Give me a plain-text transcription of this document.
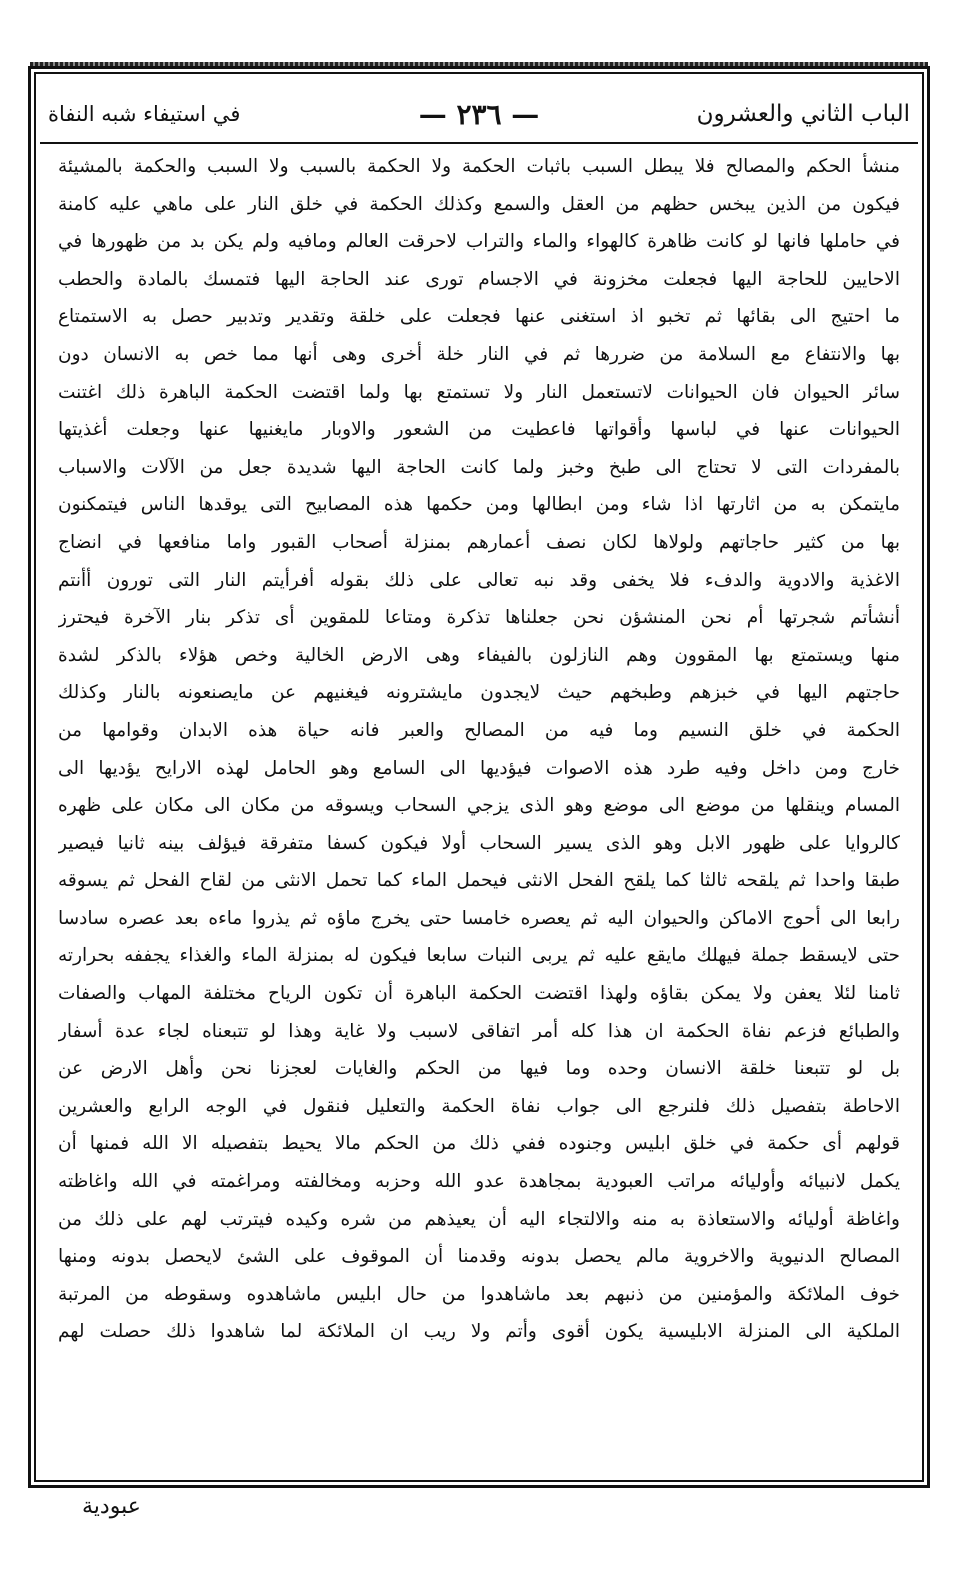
الباب الثاني والعشرون
— ٢٣٦ —
في استيفاء شبه النفاة
منشأ الحكم والمصالح فلا يبطل السبب باثبات الحكمة ولا الحكمة بالسبب ولا السبب والحكمة بالمشيئة
فيكون من الذين يبخس حظهم من العقل والسمع وكذلك الحكمة في خلق النار على ماهي عليه كامنة
في حاملها فانها لو كانت ظاهرة كالهواء والماء والتراب لاحرقت العالم ومافيه ولم يكن بد من ظهورها في
الاحايين للحاجة اليها فجعلت مخزونة في الاجسام تورى عند الحاجة اليها فتمسك بالمادة والحطب
ما احتيج الى بقائها ثم تخبو اذ استغنى عنها فجعلت على خلقة وتقدير وتدبير حصل به الاستمتاع
بها والانتفاع مع السلامة من ضررها ثم في النار خلة أخرى وهى أنها مما خص به الانسان دون
سائر الحيوان فان الحيوانات لاتستعمل النار ولا تستمتع بها ولما اقتضت الحكمة الباهرة ذلك اغتنت
الحيوانات عنها في لباسها وأقواتها فاعطيت من الشعور والاوبار مايغنيها عنها وجعلت أغذيتها
بالمفردات التى لا تحتاج الى طبخ وخبز ولما كانت الحاجة اليها شديدة جعل من الآلات والاسباب
مايتمكن به من اثارتها اذا شاء ومن ابطالها ومن حكمها هذه المصابيح التى يوقدها الناس فيتمكنون
بها من كثير حاجاتهم ولولاها لكان نصف أعمارهم بمنزلة أصحاب القبور واما منافعها في انضاج
الاغذية والادوية والدفء فلا يخفى وقد نبه تعالى على ذلك بقوله أفرأيتم النار التى تورون أأنتم
أنشأتم شجرتها أم نحن المنشؤن نحن جعلناها تذكرة ومتاعا للمقوين أى تذكر بنار الآخرة فيحترز
منها ويستمتع بها المقوون وهم النازلون بالفيفاء وهى الارض الخالية وخص هؤلاء بالذكر لشدة
حاجتهم اليها في خبزهم وطبخهم حيث لايجدون مايشترونه فيغنيهم عن مايصنعونه بالنار وكذلك
الحكمة في خلق النسيم وما فيه من المصالح والعبر فانه حياة هذه الابدان وقوامها من
خارج ومن داخل وفيه طرد هذه الاصوات فيؤديها الى السامع وهو الحامل لهذه الارايح يؤديها الى
المسام وينقلها من موضع الى موضع وهو الذى يزجي السحاب ويسوقه من مكان الى مكان على ظهره
كالروايا على ظهور الابل وهو الذى يسير السحاب أولا فيكون كسفا متفرقة فيؤلف بينه ثانيا فيصير
طبقا واحدا ثم يلقحه ثالثا كما يلقح الفحل الانثى فيحمل الماء كما تحمل الانثى من لقاح الفحل ثم يسوقه
رابعا الى أحوج الاماكن والحيوان اليه ثم يعصره خامسا حتى يخرج ماؤه ثم يذروا ماءه بعد عصره سادسا
حتى لايسقط جملة فيهلك مايقع عليه ثم يربى النبات سابعا فيكون له بمنزلة الماء والغذاء يجففه بحرارته
ثامنا لئلا يعفن ولا يمكن بقاؤه ولهذا اقتضت الحكمة الباهرة أن تكون الرياح مختلفة المهاب والصفات
والطبائع فزعم نفاة الحكمة ان هذا كله أمر اتفاقى لاسبب ولا غاية وهذا لو تتبعناه لجاء عدة أسفار
بل لو تتبعنا خلقة الانسان وحده وما فيها من الحكم والغايات لعجزنا نحن وأهل الارض عن
الاحاطة بتفصيل ذلك فلنرجع الى جواب نفاة الحكمة والتعليل فنقول في الوجه الرابع والعشرين
قولهم أى حكمة في خلق ابليس وجنوده ففي ذلك من الحكم مالا يحيط بتفصيله الا الله فمنها أن
يكمل لانبيائه وأوليائه مراتب العبودية بمجاهدة عدو الله وحزبه ومخالفته ومراغمته في الله واغاظته
واغاظة أوليائه والاستعاذة به منه والالتجاء اليه أن يعيذهم من شره وكيده فيترتب لهم على ذلك من
المصالح الدنيوية والاخروية مالم يحصل بدونه وقدمنا أن الموقوف على الشئ لايحصل بدونه ومنها
خوف الملائكة والمؤمنين من ذنبهم بعد ماشاهدوا من حال ابليس ماشاهدوه وسقوطه من المرتبة
الملكية الى المنزلة الابليسية يكون أقوى وأتم ولا ريب ان الملائكة لما شاهدوا ذلك حصلت لهم
عبودية
